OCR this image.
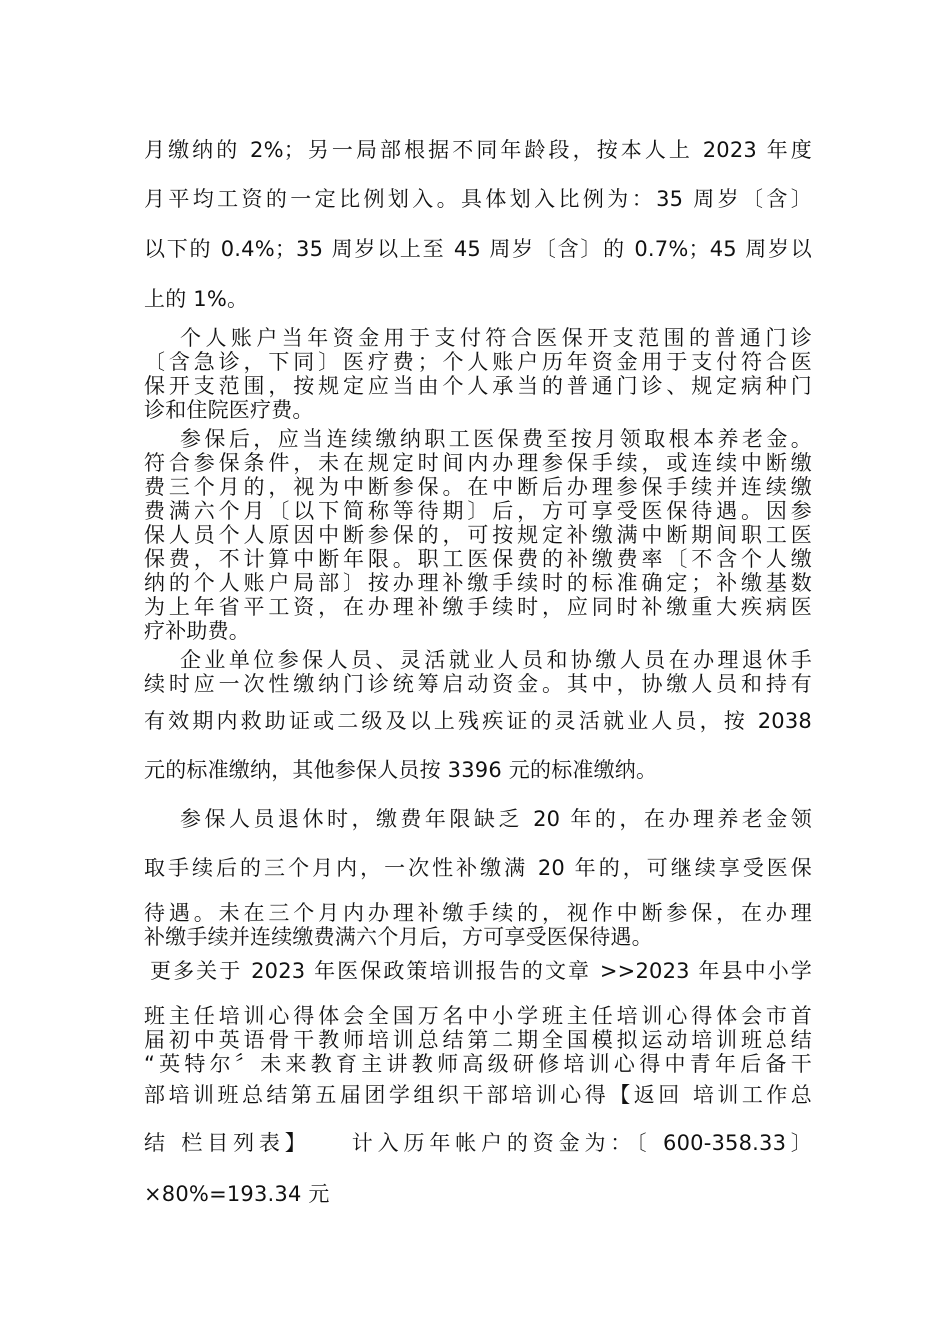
月缴纳的 2%；另一局部根据不同年龄段，按本人上 2023 年度
月平均工资的一定比例划入。具体划入比例为：35 周岁〔含〕
以下的 0.4%；35 周岁以上至 45 周岁〔含〕的 0.7%；45 周岁以
上的 1%。
个人账户当年资金用于支付符合医保开支范围的普通门诊
〔含急诊，下同〕医疗费；个人账户历年资金用于支付符合医
保开支范围，按规定应当由个人承当的普通门诊、规定病种门
诊和住院医疗费。
参保后，应当连续缴纳职工医保费至按月领取根本养老金。
符合参保条件，未在规定时间内办理参保手续，或连续中断缴
费三个月的，视为中断参保。在中断后办理参保手续并连续缴
费满六个月〔以下简称等待期〕后，方可享受医保待遇。因参
保人员个人原因中断参保的，可按规定补缴满中断期间职工医
保费，不计算中断年限。职工医保费的补缴费率〔不含个人缴
纳的个人账户局部〕按办理补缴手续时的标准确定；补缴基数
为上年省平工资，在办理补缴手续时，应同时补缴重大疾病医
疗补助费。
企业单位参保人员、灵活就业人员和协缴人员在办理退休手
续时应一次性缴纳门诊统筹启动资金。其中，协缴人员和持有
有效期内救助证或二级及以上残疾证的灵活就业人员，按 2038
元的标准缴纳，其他参保人员按 3396 元的标准缴纳。
参保人员退休时，缴费年限缺乏 20 年的，在办理养老金领
取手续后的三个月内，一次性补缴满 20 年的，可继续享受医保
待遇。未在三个月内办理补缴手续的，视作中断参保，在办理
补缴手续并连续缴费满六个月后，方可享受医保待遇。
更多关于 2023 年医保政策培训报告的文章 >>2023 年县中小学
班主任培训心得体会全国万名中小学班主任培训心得体会市首
届初中英语骨干教师培训总结第二期全国模拟运动培训班总结
“英特尔〞未来教育主讲教师高级研修培训心得中青年后备干
部培训班总结第五届团学组织干部培训心得【返回 培训工作总
结 栏目列表】　　计入历年帐户的资金为：〔 600-358.33〕
×80%=193.34 元
